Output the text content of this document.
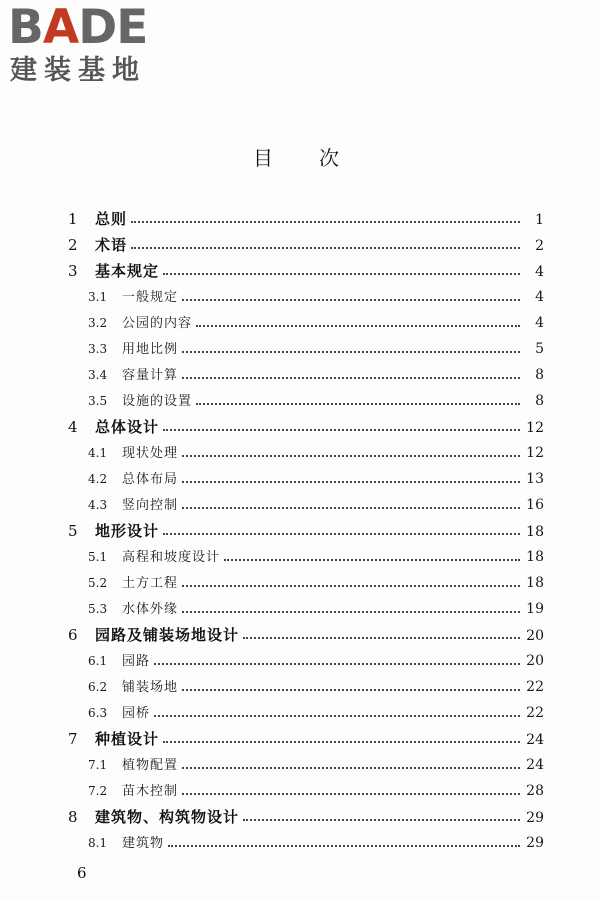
BADE
建装基地
目次
1	总则	1
2	术语	2
3	基本规定	4
3.1	一般规定	4
3.2	公园的内容	4
3.3	用地比例	5
3.4	容量计算	8
3.5	设施的设置	8
4	总体设计	12
4.1	现状处理	12
4.2	总体布局	13
4.3	竖向控制	16
5	地形设计	18
5.1	高程和坡度设计	18
5.2	土方工程	18
5.3	水体外缘	19
6	园路及铺装场地设计	20
6.1	园路	20
6.2	铺装场地	22
6.3	园桥	22
7	种植设计	24
7.1	植物配置	24
7.2	苗木控制	28
8	建筑物、构筑物设计	29
8.1	建筑物	29
6
